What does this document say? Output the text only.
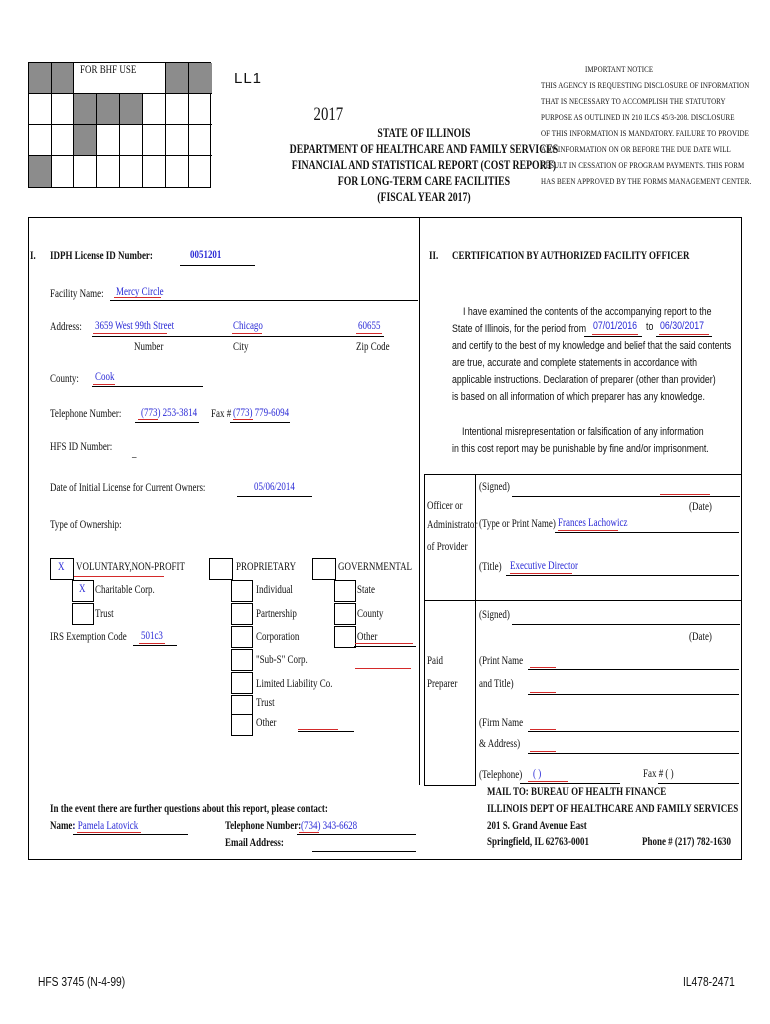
FOR BHF USE	LL1
2017
STATE OF ILLINOIS
DEPARTMENT OF HEALTHCARE AND FAMILY SERVICES
FINANCIAL AND STATISTICAL REPORT (COST REPORT)
FOR LONG-TERM CARE FACILITIES
(FISCAL YEAR 2017)
IMPORTANT NOTICE
THIS AGENCY IS REQUESTING DISCLOSURE OF INFORMATION
THAT IS NECESSARY TO ACCOMPLISH THE STATUTORY
PURPOSE AS OUTLINED IN 210 ILCS 45/3-208. DISCLOSURE
OF THIS INFORMATION IS MANDATORY. FAILURE TO PROVIDE
ANY INFORMATION ON OR BEFORE THE DUE DATE WILL
RESULT IN CESSATION OF PROGRAM PAYMENTS. THIS FORM
HAS BEEN APPROVED BY THE FORMS MANAGEMENT CENTER.
I. IDPH License ID Number:	0051201
Facility Name: Mercy Circle
Address: 3659 West 99th Street	Chicago	60655
Number	City	Zip Code
County: Cook
Telephone Number: (773) 253-3814 Fax # (773) 779-6094
HFS ID Number: _
Date of Initial License for Current Owners:	05/06/2014
Type of Ownership:
X VOLUNTARY,NON-PROFIT
X Charitable Corp.
Trust
IRS Exemption Code 501c3
PROPRIETARY
Individual
Partnership
Corporation
"Sub-S" Corp.
Limited Liability Co.
Trust
Other
GOVERNMENTAL
State
County
Other
II. CERTIFICATION BY AUTHORIZED FACILITY OFFICER
I have examined the contents of the accompanying report to the
State of Illinois, for the period from 07/01/2016 to 06/30/2017
and certify to the best of my knowledge and belief that the said contents
are true, accurate and complete statements in accordance with
applicable instructions. Declaration of preparer (other than provider)
is based on all information of which preparer has any knowledge.
Intentional misrepresentation or falsification of any information
in this cost report may be punishable by fine and/or imprisonment.
Officer or
Administrator
of Provider
(Signed)
(Date)
(Type or Print Name) Frances Lachowicz
(Title) Executive Director
(Signed)
(Date)
Paid
Preparer
(Print Name
and Title)
(Firm Name
& Address)
(Telephone) ( )	Fax # ( )
MAIL TO: BUREAU OF HEALTH FINANCE
ILLINOIS DEPT OF HEALTHCARE AND FAMILY SERVICES
201 S. Grand Avenue East
Springfield, IL 62763-0001	Phone # (217) 782-1630
In the event there are further questions about this report, please contact:
Name:
: Pamela Latovick	Telephone Number: (734) 343-6628
Email Address:
HFS 3745 (N-4-99)	IL478-2471
